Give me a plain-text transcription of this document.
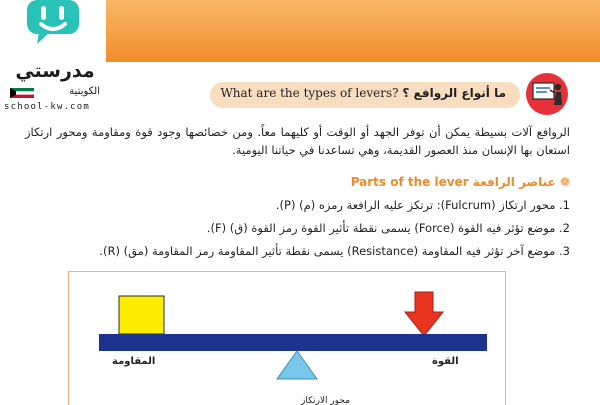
مدرستي
الكويتية
school-kw.com
What are the types of levers? ما أنواع الروافع ؟
الروافع آلات بسيطة يمكن أن توفر الجهد أو الوقت أو كليهما معاً. ومن خصائصها وجود قوة ومقاومة ومحور ارتكاز استعان بها الإنسان منذ العصور القديمة، وهي تساعدنا في حياتنا اليومية.
❁ عناصر الرافعة Parts of the lever
1. محور ارتكاز (Fulcrum): ترتكز عليه الرافعة رمزه (م) (P).
2. موضع تؤثر فيه القوة (Force) يسمى نقطة تأثير القوة رمز القوة (ق) (F).
3. موضع آخر تؤثر فيه المقاومة (Resistance) يسمى نقطة تأثير المقاومة رمز المقاومة (مق) (R).
المقاومة	القوة
محور الارتكاز
